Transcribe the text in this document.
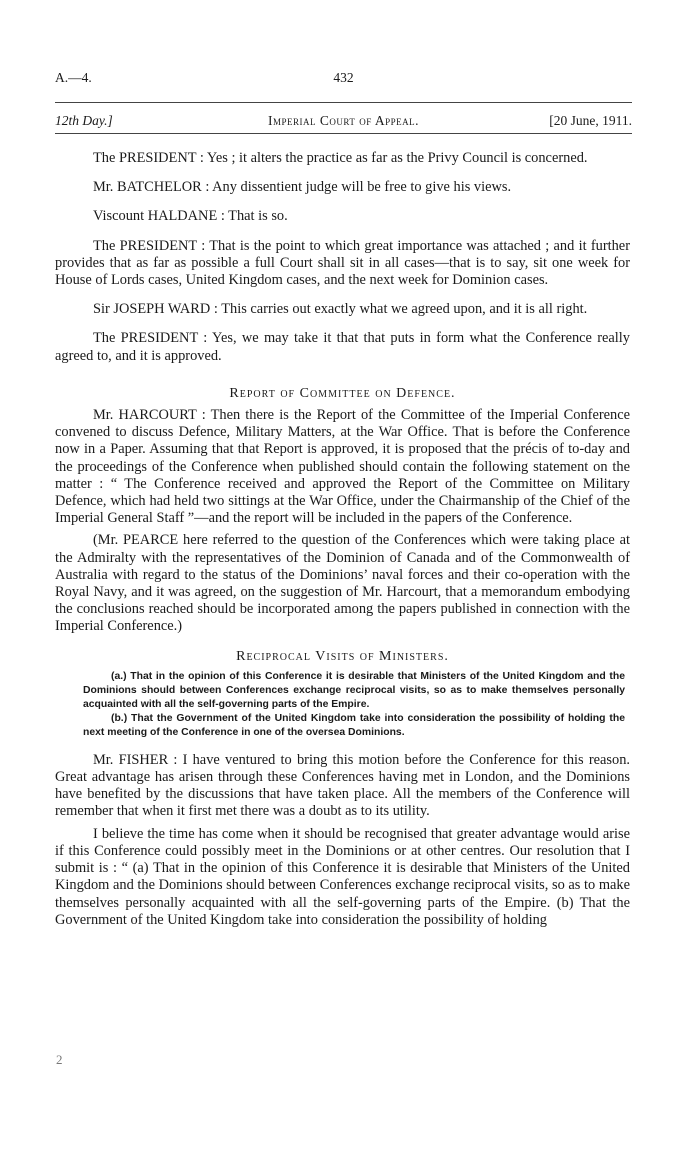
A.—4.	432
12th Day.]	Imperial Court of Appeal.	[20 June, 1911.

The PRESIDENT : Yes ; it alters the practice as far as the Privy Council is concerned.

Mr. BATCHELOR : Any dissentient judge will be free to give his views.

Viscount HALDANE : That is so.

The PRESIDENT : That is the point to which great importance was attached ; and it further provides that as far as possible a full Court shall sit in all cases—that is to say, sit one week for House of Lords cases, United Kingdom cases, and the next week for Dominion cases.

Sir JOSEPH WARD : This carries out exactly what we agreed upon, and it is all right.

The PRESIDENT : Yes, we may take it that that puts in form what the Conference really agreed to, and it is approved.

Report of Committee on Defence.

Mr. HARCOURT : Then there is the Report of the Committee of the Imperial Conference convened to discuss Defence, Military Matters, at the War Office. That is before the Conference now in a Paper. Assuming that that Report is approved, it is proposed that the précis of to-day and the proceedings of the Conference when published should contain the following statement on the matter : “ The Conference received and approved the Report of the Committee on Military Defence, which had held two sittings at the War Office, under the Chairmanship of the Chief of the Imperial General Staff ”—and the report will be included in the papers of the Conference.

(Mr. PEARCE here referred to the question of the Conferences which were taking place at the Admiralty with the representatives of the Dominion of Canada and of the Commonwealth of Australia with regard to the status of the Dominions’ naval forces and their co-operation with the Royal Navy, and it was agreed, on the suggestion of Mr. Harcourt, that a memorandum embodying the conclusions reached should be incorporated among the papers published in connection with the Imperial Conference.)

Reciprocal Visits of Ministers.

(a.) That in the opinion of this Conference it is desirable that Ministers of the United Kingdom and the Dominions should between Conferences exchange reciprocal visits, so as to make themselves personally acquainted with all the self-governing parts of the Empire.

(b.) That the Government of the United Kingdom take into consideration the possibility of holding the next meeting of the Conference in one of the oversea Dominions.

Mr. FISHER : I have ventured to bring this motion before the Conference for this reason. Great advantage has arisen through these Conferences having met in London, and the Dominions have benefited by the discussions that have taken place. All the members of the Conference will remember that when it first met there was a doubt as to its utility.

I believe the time has come when it should be recognised that greater advantage would arise if this Conference could possibly meet in the Dominions or at other centres. Our resolution that I submit is : “ (a) That in the opinion of this Conference it is desirable that Ministers of the United Kingdom and the Dominions should between Conferences exchange reciprocal visits, so as to make themselves personally acquainted with all the self-governing parts of the Empire. (b) That the Government of the United Kingdom take into consideration the possibility of holding

2
